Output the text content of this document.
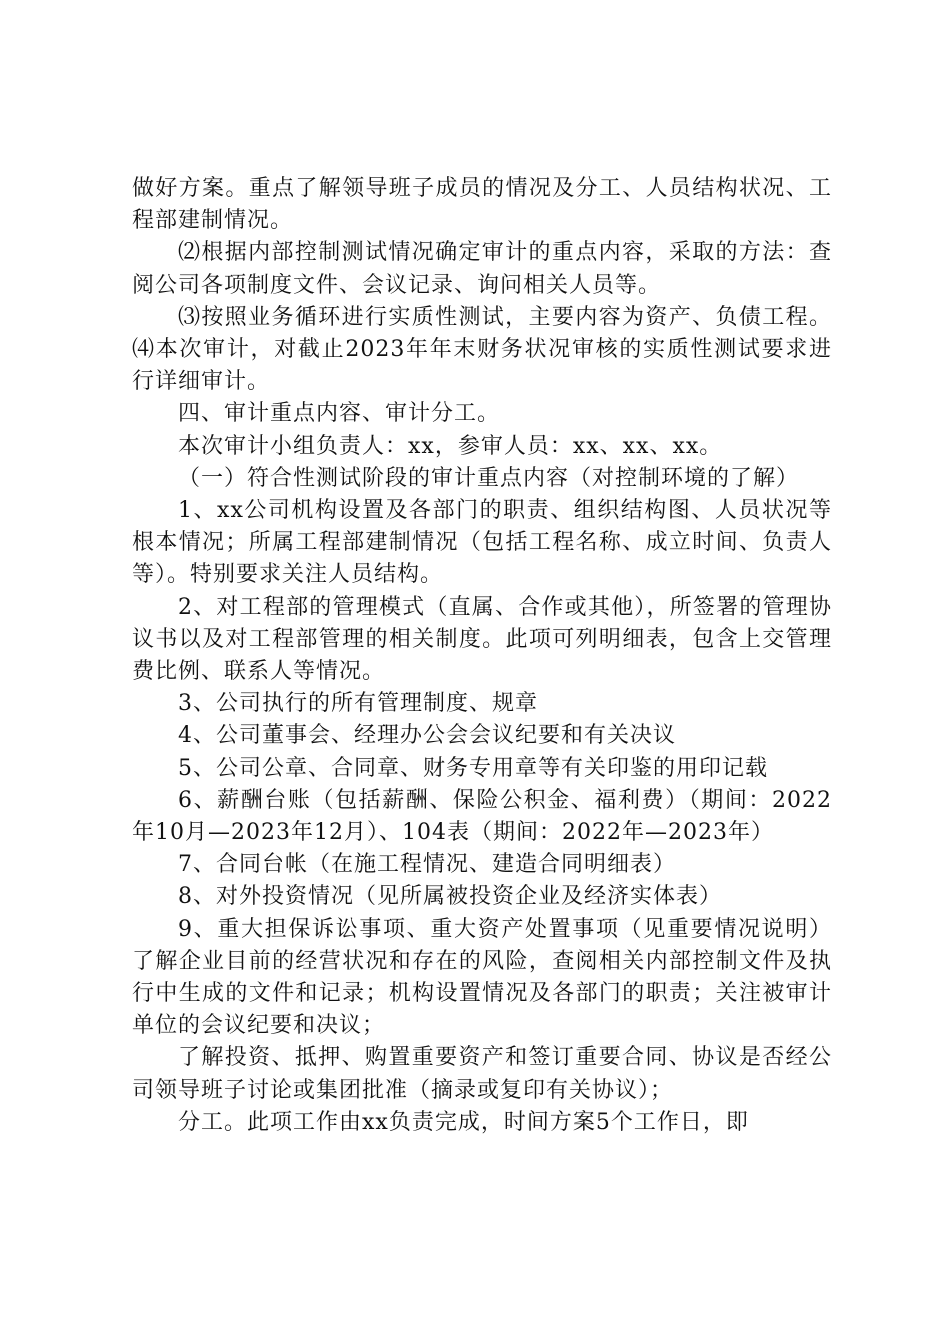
做好方案。重点了解领导班子成员的情况及分工、人员结构状况、工程部建制情况。

⑵根据内部控制测试情况确定审计的重点内容，采取的方法：查阅公司各项制度文件、会议记录、询问相关人员等。

⑶按照业务循环进行实质性测试，主要内容为资产、负债工程。⑷本次审计，对截止2023年年末财务状况审核的实质性测试要求进行详细审计。

四、审计重点内容、审计分工。

本次审计小组负责人：xx，参审人员：xx、xx、xx。

（一）符合性测试阶段的审计重点内容（对控制环境的了解）

1、xx公司机构设置及各部门的职责、组织结构图、人员状况等根本情况；所属工程部建制情况（包括工程名称、成立时间、负责人等）。特别要求关注人员结构。

2、对工程部的管理模式（直属、合作或其他），所签署的管理协议书以及对工程部管理的相关制度。此项可列明细表，包含上交管理费比例、联系人等情况。

3、公司执行的所有管理制度、规章

4、公司董事会、经理办公会会议纪要和有关决议

5、公司公章、合同章、财务专用章等有关印鉴的用印记载

6、薪酬台账（包括薪酬、保险公积金、福利费）（期间：2022年10月—2023年12月）、104表（期间：2022年—2023年）

7、合同台帐（在施工程情况、建造合同明细表）

8、对外投资情况（见所属被投资企业及经济实体表）

9、重大担保诉讼事项、重大资产处置事项（见重要情况说明）了解企业目前的经营状况和存在的风险，查阅相关内部控制文件及执行中生成的文件和记录；机构设置情况及各部门的职责；关注被审计单位的会议纪要和决议；

了解投资、抵押、购置重要资产和签订重要合同、协议是否经公司领导班子讨论或集团批准（摘录或复印有关协议）；

分工。此项工作由xx负责完成，时间方案5个工作日，即
